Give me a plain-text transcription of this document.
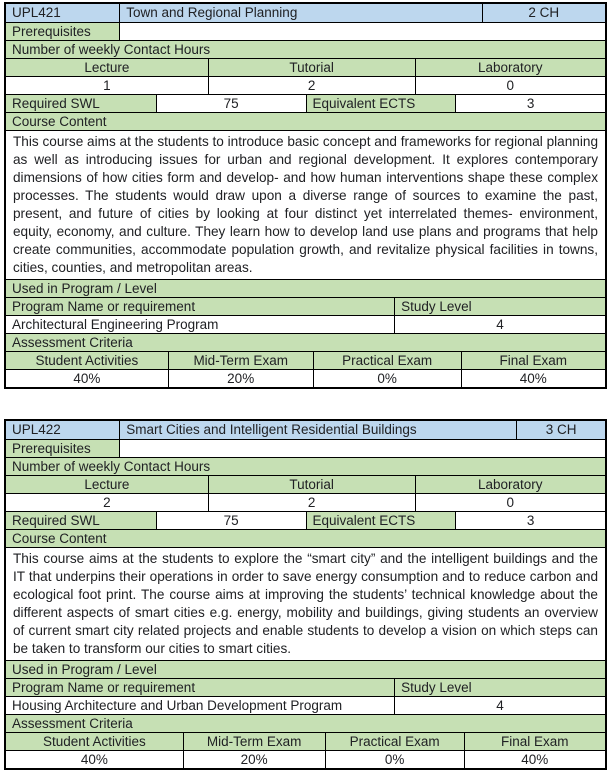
UPL421	Town and Regional Planning	2 CH
Prerequisites
Number of weekly Contact Hours
Lecture	Tutorial	Laboratory
1	2	0
Required SWL	75	Equivalent ECTS	3
Course Content
This course aims at the students to introduce basic concept and frameworks for regional planning as well as introducing issues for urban and regional development. It explores contemporary dimensions of how cities form and develop- and how human interventions shape these complex processes. The students would draw upon a diverse range of sources to examine the past, present, and future of cities by looking at four distinct yet interrelated themes- environment, equity, economy, and culture. They learn how to develop land use plans and programs that help create communities, accommodate population growth, and revitalize physical facilities in towns, cities, counties, and metropolitan areas.
Used in Program / Level
Program Name or requirement	Study Level
Architectural Engineering Program	4
Assessment Criteria
Student Activities	Mid-Term Exam	Practical Exam	Final Exam
40%	20%	0%	40%
UPL422	Smart Cities and Intelligent Residential Buildings	3 CH
Prerequisites
Number of weekly Contact Hours
Lecture	Tutorial	Laboratory
2	2	0
Required SWL	75	Equivalent ECTS	3
Course Content
This course aims at the students to explore the “smart city” and the intelligent buildings and the IT that underpins their operations in order to save energy consumption and to reduce carbon and ecological foot print. The course aims at improving the students’ technical knowledge about the different aspects of smart cities e.g. energy, mobility and buildings, giving students an overview of current smart city related projects and enable students to develop a vision on which steps can be taken to transform our cities to smart cities.
Used in Program / Level
Program Name or requirement	Study Level
Housing Architecture and Urban Development Program	4
Assessment Criteria
Student Activities	Mid-Term Exam	Practical Exam	Final Exam
40%	20%	0%	40%
